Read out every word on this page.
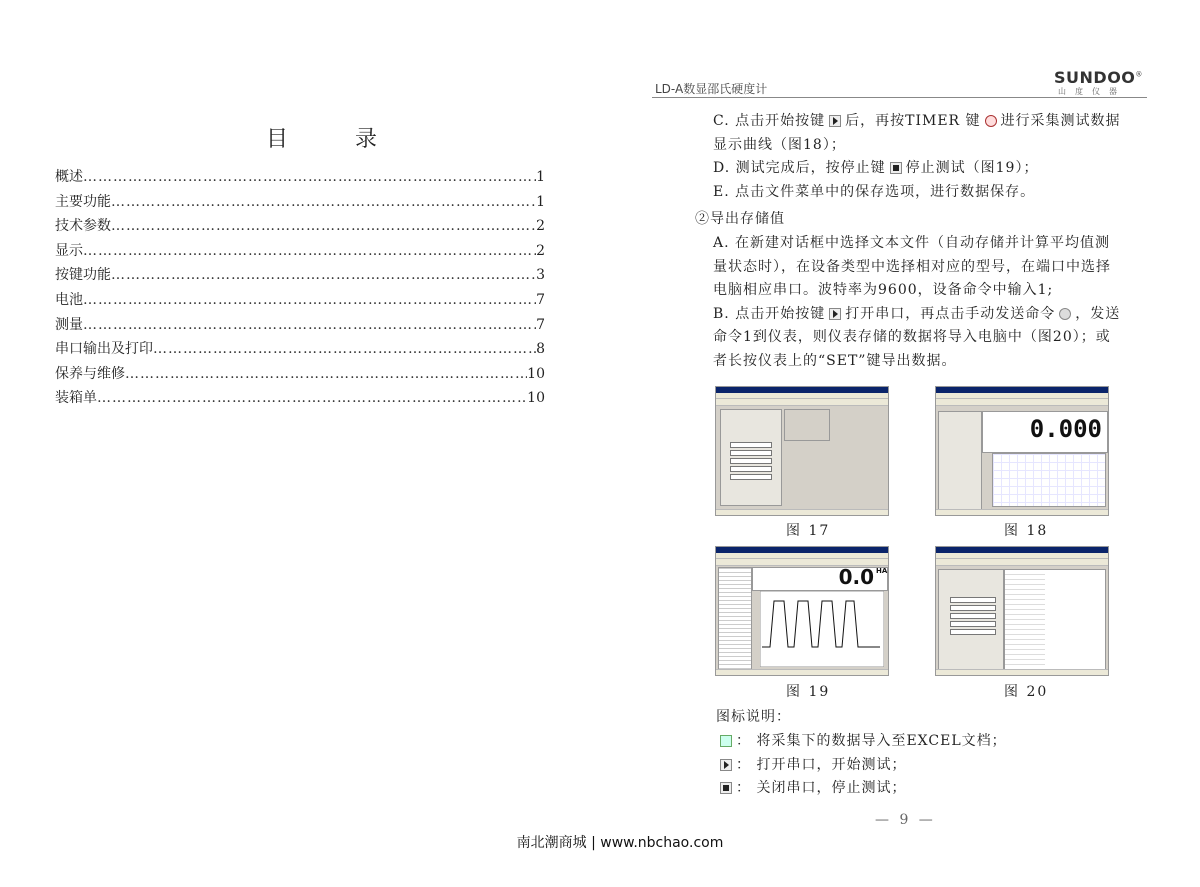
LD-A数显邵氏硬度计
SUNDOO®
山度仪器
目 录
概述 ……………………………………………………………………………………………………………………………………………………	1
主要功能 ……………………………………………………………………………………………………………………………………………………	1
技术参数 ……………………………………………………………………………………………………………………………………………………	2
显示 ……………………………………………………………………………………………………………………………………………………	2
按键功能 ……………………………………………………………………………………………………………………………………………………	3
电池 ……………………………………………………………………………………………………………………………………………………	7
测量 ……………………………………………………………………………………………………………………………………………………	7
串口输出及打印 ……………………………………………………………………………………………………………………………………………………	8
保养与维修 ……………………………………………………………………………………………………………………………………………………	10
装箱单 ……………………………………………………………………………………………………………………………………………………	10
C. 点击开始按键 后，再按TIMER 键 进行采集测试数据
显示曲线（图18）；
D. 测试完成后，按停止键 停止测试（图19）；
E. 点击文件菜单中的保存选项，进行数据保存。
②导出存储值
A. 在新建对话框中选择文本文件（自动存储并计算平均值测
量状态时），在设备类型中选择相对应的型号，在端口中选择
电脑相应串口。波特率为9600，设备命令中输入1;
B. 点击开始按键 打开串口，再点击手动发送命令 ，发送
命令1到仪表，则仪表存储的数据将导入电脑中（图20）；或
者长按仪表上的“SET”键导出数据。
图 17
0.000
图 18
0.0 HA
图 19	图 20
图标说明：
： 将采集下的数据导入至EXCEL文档；
： 打开串口，开始测试；
： 关闭串口，停止测试；
— 9 —
南北潮商城 | www.nbchao.com
